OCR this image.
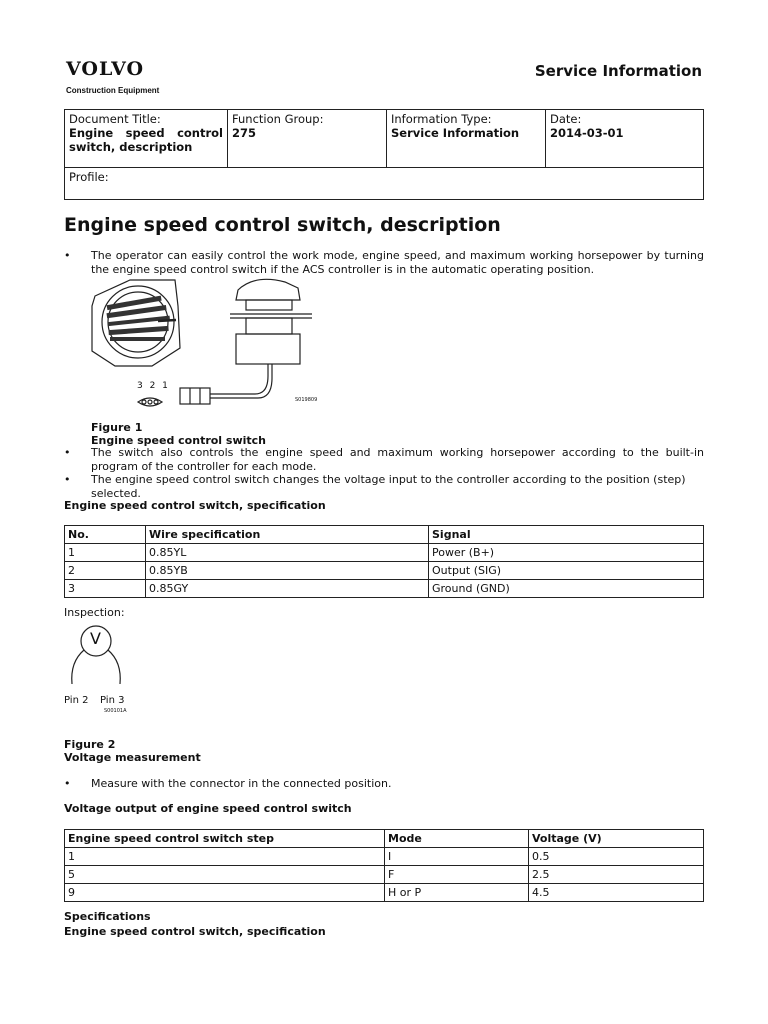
VOLVO
Construction Equipment
Service Information
Document Title:
Engine speed control switch, description

Function Group:
275

Information Type:
Service Information

Date:
2014-03-01

Profile:
Engine speed control switch, description
• The operator can easily control the work mode, engine speed, and maximum working horsepower by turning the engine speed control switch if the ACS controller is in the automatic operating position.
3 2 1
S019809
Figure 1
Engine speed control switch
• The switch also controls the engine speed and maximum working horsepower according to the built-in program of the controller for each mode.
• The engine speed control switch changes the voltage input to the controller according to the position (step) selected.
Engine speed control switch, specification
No.	Wire specification	Signal
1	0.85YL	Power (B+)
2	0.85YB	Output (SIG)
3	0.85GY	Ground (GND)
Inspection:
V
Pin 2 Pin 3
S00101A
Figure 2
Voltage measurement
• Measure with the connector in the connected position.
Voltage output of engine speed control switch
Engine speed control switch step	Mode	Voltage (V)
1	I	0.5
5	F	2.5
9	H or P	4.5
Specifications
Engine speed control switch, specification
